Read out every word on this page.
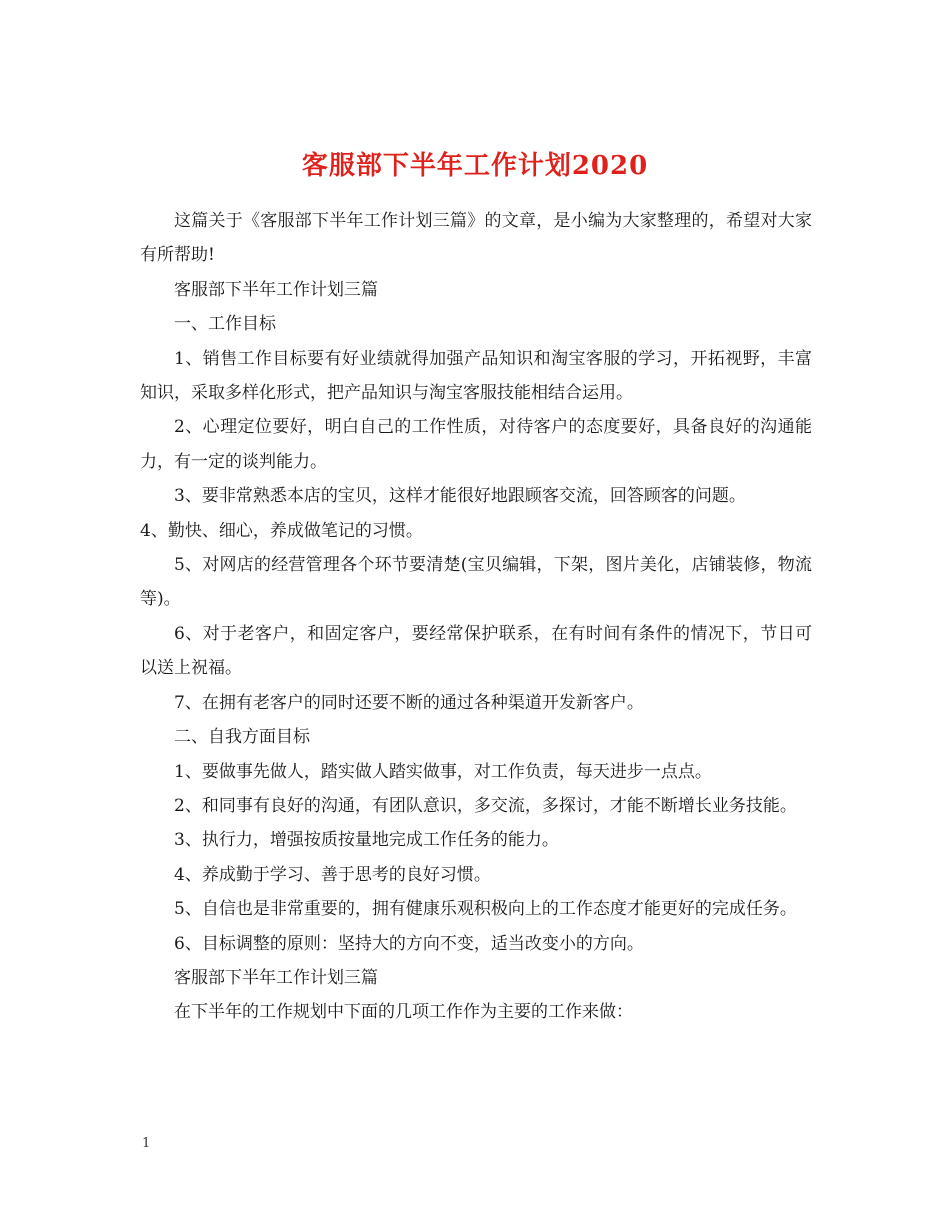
客服部下半年工作计划2020

这篇关于《客服部下半年工作计划三篇》的文章，是小编为大家整理的，希望对大家有所帮助!

客服部下半年工作计划三篇

一、工作目标

1、销售工作目标要有好业绩就得加强产品知识和淘宝客服的学习，开拓视野，丰富知识，采取多样化形式，把产品知识与淘宝客服技能相结合运用。

2、心理定位要好，明白自己的工作性质，对待客户的态度要好，具备良好的沟通能力，有一定的谈判能力。

3、要非常熟悉本店的宝贝，这样才能很好地跟顾客交流，回答顾客的问题。

4、勤快、细心，养成做笔记的习惯。

5、对网店的经营管理各个环节要清楚(宝贝编辑，下架，图片美化，店铺装修，物流等)。

6、对于老客户，和固定客户，要经常保护联系，在有时间有条件的情况下，节日可以送上祝福。

7、在拥有老客户的同时还要不断的通过各种渠道开发新客户。

二、自我方面目标

1、要做事先做人，踏实做人踏实做事，对工作负责，每天进步一点点。

2、和同事有良好的沟通，有团队意识，多交流，多探讨，才能不断增长业务技能。

3、执行力，增强按质按量地完成工作任务的能力。

4、养成勤于学习、善于思考的良好习惯。

5、自信也是非常重要的，拥有健康乐观积极向上的工作态度才能更好的完成任务。

6、目标调整的原则：坚持大的方向不变，适当改变小的方向。

客服部下半年工作计划三篇

在下半年的工作规划中下面的几项工作作为主要的工作来做：

1
